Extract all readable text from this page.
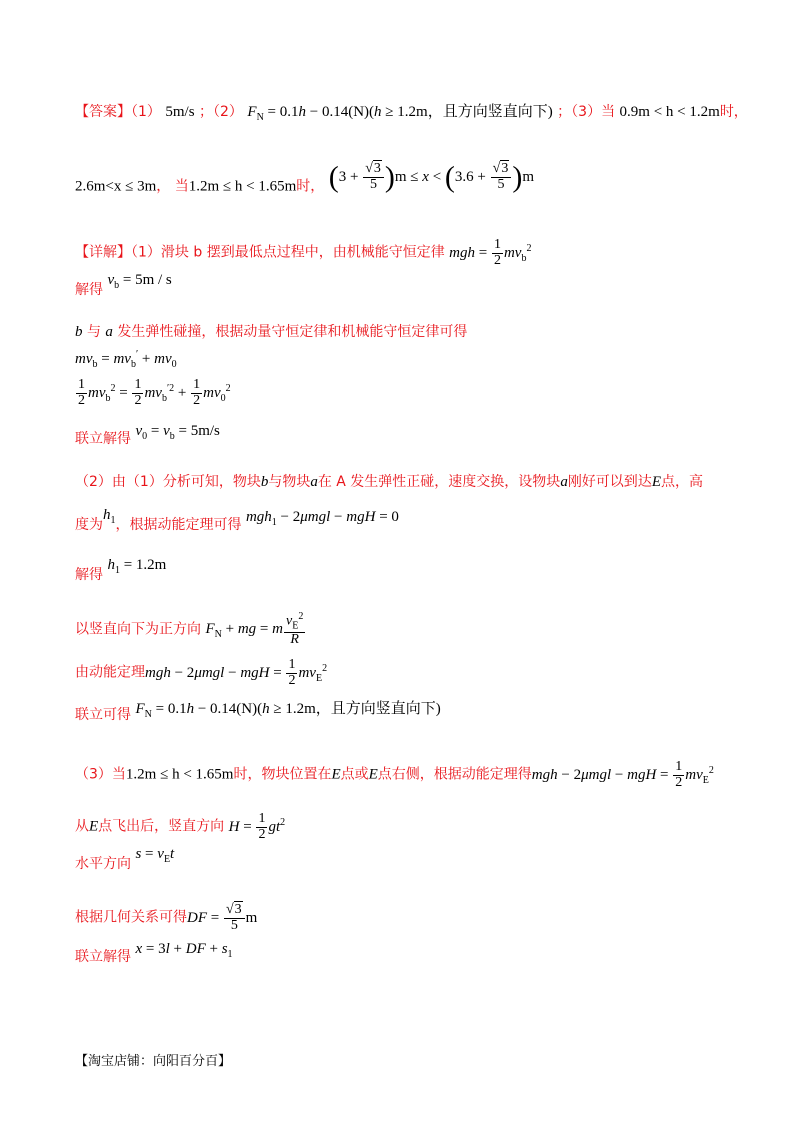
【答案】（1） 5m/s ；（2） $F_N = 0.1h - 0.14(N)(h \ge 1.2m$，且方向竖直向下) ；（3）当 0.9m < h < 1.2m时，
2.6m<x ≤ 3m， 当1.2m ≤ h < 1.65m时， $(3 + \frac{√3}{5} )m \le x < (3.6 + \frac{√3}{5} )m$
【详解】（1）滑块 b 摆到最低点过程中，由机械能守恒定律 mgh = $\frac{1}{2} mv_b^2$
解得 $v_b = 5m / s$
b 与 a 发生弹性碰撞，根据动量守恒定律和机械能守恒定律可得
$mv_b = mv_b' + mv_0$
$\frac{1}{2} mv_b^2 = \frac{1}{2} mv_b^{'2} + \frac{1}{2} mv_0^2$
联立解得 $v_0 = v_b = 5m/s$
（2）由（1）分析可知，物块b与物块a在 A 发生弹性正碰，速度交换，设物块a刚好可以到达E点，高
度为$h_1$，根据动能定理可得 mgh$_1$ − 2μmgl − mgH = 0
解得 $h_1 = 1.2m$
以竖直向下为正方向 $F_N$ + mg = m $\frac{v_E^2}{R}$
由动能定理mgh − 2μmgl − mgH = $\frac{1}{2} mv_E^2$
联立可得 $F_N = 0.1h - 0.14(N)(h \ge 1.2m$，且方向竖直向下)
（3）当1.2m ≤ h < 1.65m时，物块位置在E点或E点右侧，根据动能定理得mgh − 2μmgl − mgH = $\frac{1}{2} mv_E^2$
从E点飞出后，竖直方向 $H = \frac{1}{2} gt^2$
水平方向 $s = v_Et$
根据几何关系可得DF = $\frac{√3}{5}$ m
联立解得 x = 3l + DF + $s_1$
【淘宝店铺：向阳百分百】
